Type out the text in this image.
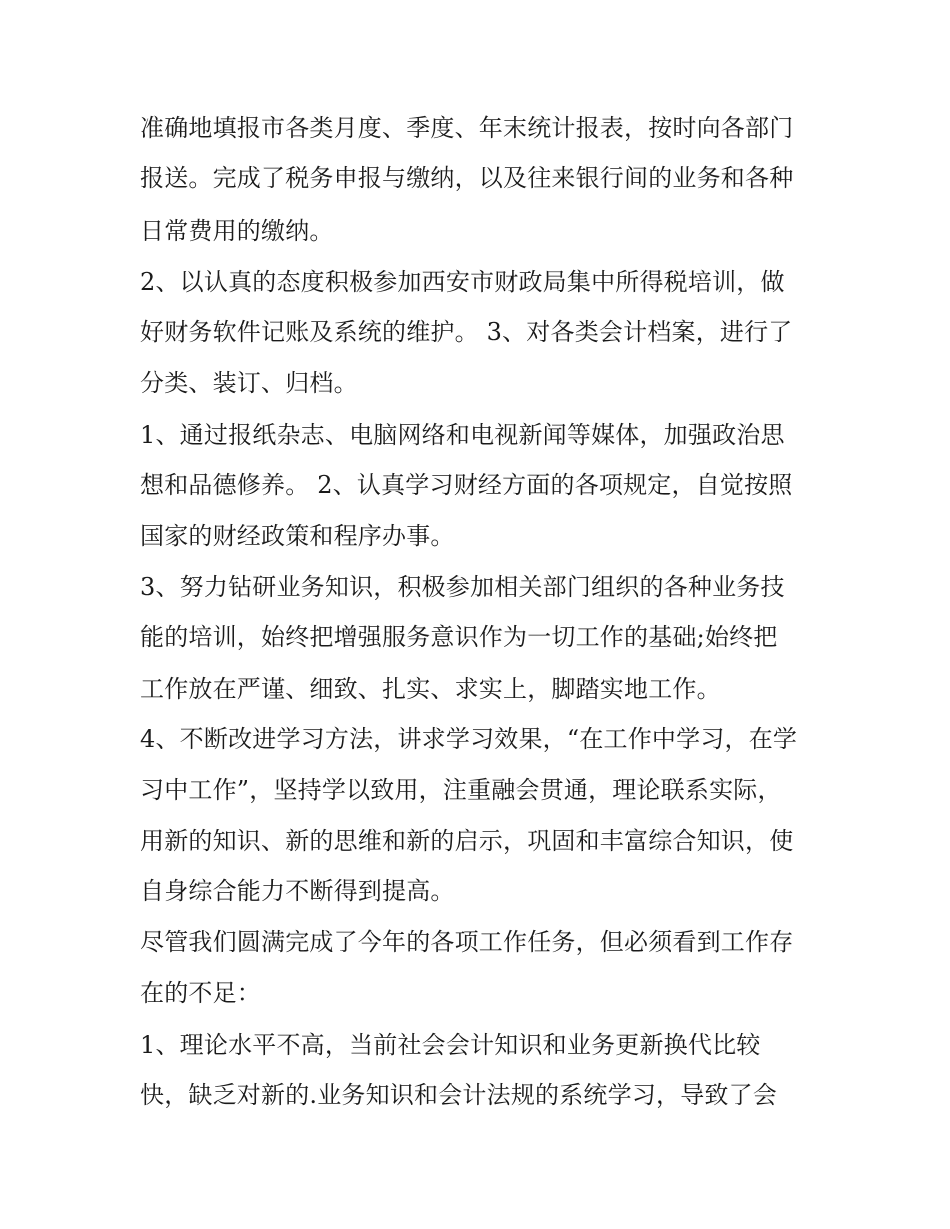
准确地填报市各类月度、季度、年末统计报表，按时向各部门
报送。完成了税务申报与缴纳，以及往来银行间的业务和各种
日常费用的缴纳。
2、以认真的态度积极参加西安市财政局集中所得税培训，做
好财务软件记账及系统的维护。 3、对各类会计档案，进行了
分类、装订、归档。
1、通过报纸杂志、电脑网络和电视新闻等媒体，加强政治思
想和品德修养。 2、认真学习财经方面的各项规定，自觉按照
国家的财经政策和程序办事。
3、努力钻研业务知识，积极参加相关部门组织的各种业务技
能的培训，始终把增强服务意识作为一切工作的基础;始终把
工作放在严谨、细致、扎实、求实上，脚踏实地工作。
4、不断改进学习方法，讲求学习效果，“在工作中学习，在学
习中工作”，坚持学以致用，注重融会贯通，理论联系实际，
用新的知识、新的思维和新的启示，巩固和丰富综合知识，使
自身综合能力不断得到提高。
尽管我们圆满完成了今年的各项工作任务，但必须看到工作存
在的不足：
1、理论水平不高，当前社会会计知识和业务更新换代比较
快，缺乏对新的.业务知识和会计法规的系统学习，导致了会
